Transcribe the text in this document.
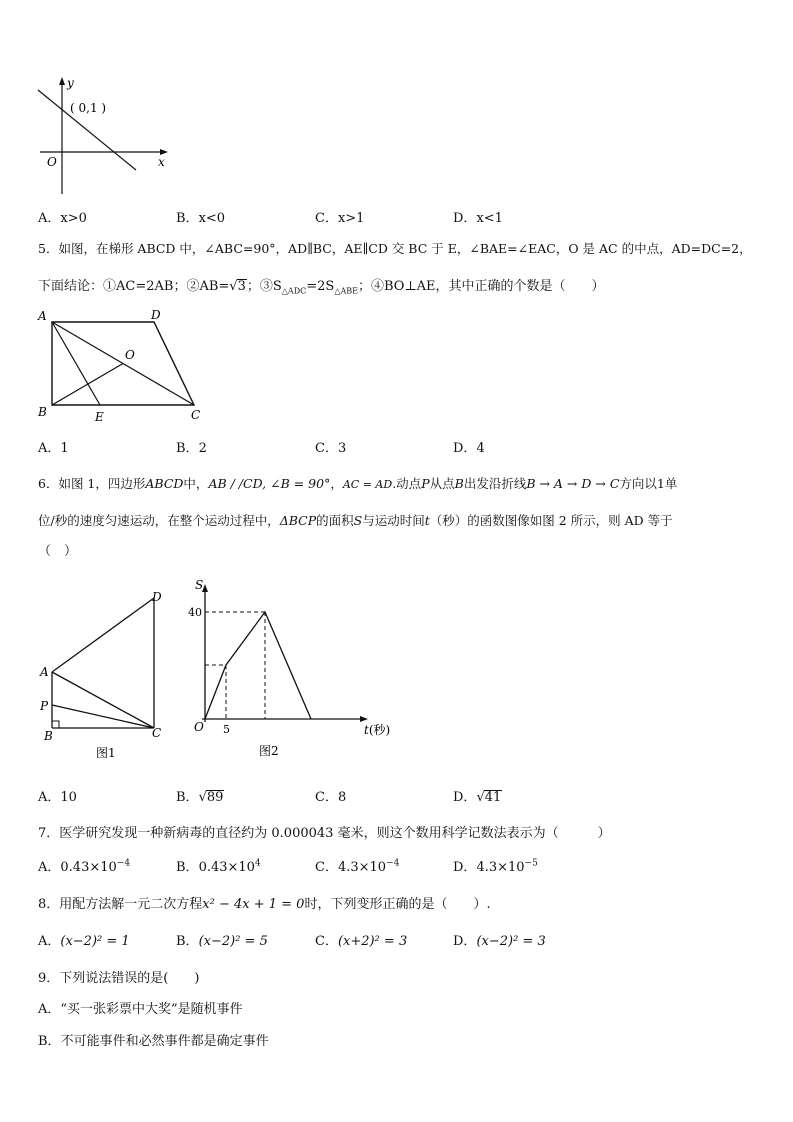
y
x
O
( 0,1 )
A．x>0	B．x<0	C．x>1	D．x<1
5．如图，在梯形 ABCD 中，∠ABC=90°，AD∥BC，AE∥CD 交 BC 于 E，∠BAE=∠EAC，O 是 AC 的中点，AD=DC=2，
下面结论：①AC=2AB；②AB=√3；$③S_{\triangle ADC}=2S_{\triangle ABE}$；④BO⊥AE，其中正确的个数是（　　）
A	D
B	E	C
O
A．1	B．2	C．3	D．4
6．如图 1，四边形ABCD中，AB / /CD, ∠B = 90°，AC = AD.动点P从点B出发沿折线B → A → D → C方向以1单
位/秒的速度匀速运动，在整个运动过程中，ΔBCP的面积S与运动时间t（秒）的函数图像如图 2 所示，则 AD 等于
（　）
D
A
P
B	C
图1
S
40
O 5	t(秒)
图2
A．10	B．√89	C．8	D．√41
7．医学研究发现一种新病毒的直径约为 0.000043 毫米，则这个数用科学记数法表示为（　　　）
A．$0.43\times 10^{-4}$	B．$0.43\times 10^4$	C．$4.3\times 10^{-4}$	D．$4.3\times 10^{-5}$
8．用配方法解一元二次方程x² − 4x + 1 = 0时，下列变形正确的是（　　）.
A．(x−2)² = 1	B．(x−2)² = 5	C．(x+2)² = 3	D．(x−2)² = 3
9．下列说法错误的是(　　)
A．“买一张彩票中大奖”是随机事件
B．不可能事件和必然事件都是确定事件
